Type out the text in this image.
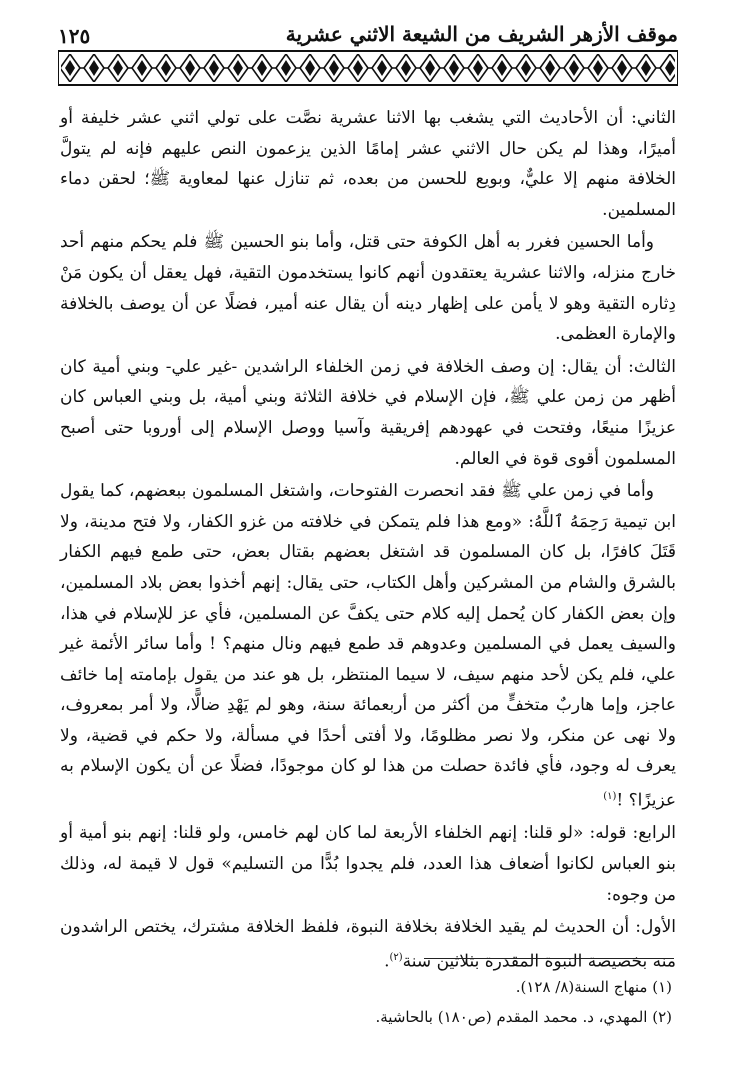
موقف الأزهر الشريف من الشيعة الاثني عشرية
١٢٥

الثاني: أن الأحاديث التي يشغب بها الاثنا عشرية نصَّت على تولي اثني عشر خليفة أو أميرًا، وهذا لم يكن حال الاثني عشر إمامًا الذين يزعمون النص عليهم فإنه لم يتولَّ الخلافة منهم إلا عليٌّ، وبويع للحسن من بعده، ثم تنازل عنها لمعاوية ﷺ؛ لحقن دماء المسلمين.

وأما الحسين فغرر به أهل الكوفة حتى قتل، وأما بنو الحسين ﷺ فلم يحكم منهم أحد خارج منزله، والاثنا عشرية يعتقدون أنهم كانوا يستخدمون التقية، فهل يعقل أن يكون مَنْ دِثاره التقية وهو لا يأمن على إظهار دينه أن يقال عنه أمير، فضلًا عن أن يوصف بالخلافة والإمارة العظمى.

الثالث: أن يقال: إن وصف الخلافة في زمن الخلفاء الراشدين -غير علي- وبني أمية كان أظهر من زمن علي ﷺ، فإن الإسلام في خلافة الثلاثة وبني أمية، بل وبني العباس كان عزيزًا منيعًا، وفتحت في عهودهم إفريقية وآسيا ووصل الإسلام إلى أوروبا حتى أصبح المسلمون أقوى قوة في العالم.

وأما في زمن علي ﷺ فقد انحصرت الفتوحات، واشتغل المسلمون ببعضهم، كما يقول ابن تيمية رَحِمَهُ ٱللَّهُ: «ومع هذا فلم يتمكن في خلافته من غزو الكفار، ولا فتح مدينة، ولا قَتَلَ كافرًا، بل كان المسلمون قد اشتغل بعضهم بقتال بعض، حتى طمع فيهم الكفار بالشرق والشام من المشركين وأهل الكتاب، حتى يقال: إنهم أخذوا بعض بلاد المسلمين، وإن بعض الكفار كان يُحمل إليه كلام حتى يكفَّ عن المسلمين، فأي عز للإسلام في هذا، والسيف يعمل في المسلمين وعدوهم قد طمع فيهم ونال منهم؟ ! وأما سائر الأئمة غير علي، فلم يكن لأحد منهم سيف، لا سيما المنتظر، بل هو عند من يقول بإمامته إما خائف عاجز، وإما هاربٌ متخفٍّ من أكثر من أربعمائة سنة، وهو لم يَهْدِ ضالًّا، ولا أمر بمعروف، ولا نهى عن منكر، ولا نصر مظلومًا، ولا أفتى أحدًا في مسألة، ولا حكم في قضية، ولا يعرف له وجود، فأي فائدة حصلت من هذا لو كان موجودًا، فضلًا عن أن يكون الإسلام به عزيزًا؟ !$^{(١)}$

الرابع: قوله: «لو قلنا: إنهم الخلفاء الأربعة لما كان لهم خامس، ولو قلنا: إنهم بنو أمية أو بنو العباس لكانوا أضعاف هذا العدد، فلم يجدوا بُدًّا من التسليم» قول لا قيمة له، وذلك من وجوه:

الأول: أن الحديث لم يقيد الخلافة بخلافة النبوة، فلفظ الخلافة مشترك، يختص الراشدون منه بخصيصة النبوة المقدرة بثلاثين سنة$^{(٢)}$.

(١) منهاج السنة(٨/ ١٢٨).

(٢) المهدي، د. محمد المقدم (ص١٨٠) بالحاشية.
